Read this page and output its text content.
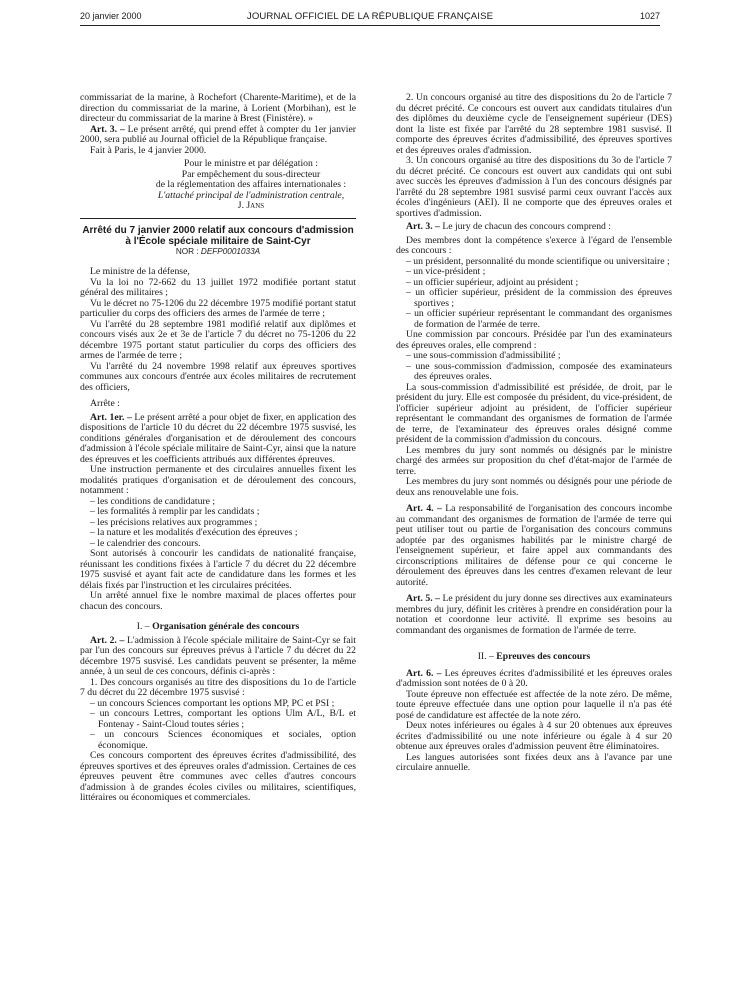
20 janvier 2000	JOURNAL OFFICIEL DE LA RÉPUBLIQUE FRANÇAISE	1027

commissariat de la marine, à Rochefort (Charente-Maritime), et de la direction du commissariat de la marine, à Lorient (Morbihan), est le directeur du commissariat de la marine à Brest (Finistère). »

Art. 3. – Le présent arrêté, qui prend effet à compter du 1er janvier 2000, sera publié au Journal officiel de la République française.

Fait à Paris, le 4 janvier 2000.

Pour le ministre et par délégation :

Par empêchement du sous-directeur

de la réglementation des affaires internationales :

L'attaché principal de l'administration centrale,

J. Jans

Arrêté du 7 janvier 2000 relatif aux concours d'admission

à l'École spéciale militaire de Saint-Cyr

NOR : DEFP0001033A

Le ministre de la défense,

Vu la loi no 72-662 du 13 juillet 1972 modifiée portant statut général des militaires ;

Vu le décret no 75-1206 du 22 décembre 1975 modifié portant statut particulier du corps des officiers des armes de l'armée de terre ;

Vu l'arrêté du 28 septembre 1981 modifié relatif aux diplômes et concours visés aux 2e et 3e de l'article 7 du décret no 75-1206 du 22 décembre 1975 portant statut particulier du corps des officiers des armes de l'armée de terre ;

Vu l'arrêté du 24 novembre 1998 relatif aux épreuves sportives communes aux concours d'entrée aux écoles militaires de recrutement des officiers,

Arrête :

Art. 1er. – Le présent arrêté a pour objet de fixer, en application des dispositions de l'article 10 du décret du 22 décembre 1975 susvisé, les conditions générales d'organisation et de déroulement des concours d'admission à l'école spéciale militaire de Saint-Cyr, ainsi que la nature des épreuves et les coefficients attribués aux différentes épreuves.

Une instruction permanente et des circulaires annuelles fixent les modalités pratiques d'organisation et de déroulement des concours, notamment :

– les conditions de candidature ;
– les formalités à remplir par les candidats ;
– les précisions relatives aux programmes ;
– la nature et les modalités d'exécution des épreuves ;
– le calendrier des concours.

Sont autorisés à concourir les candidats de nationalité française, réunissant les conditions fixées à l'article 7 du décret du 22 décembre 1975 susvisé et ayant fait acte de candidature dans les formes et les délais fixés par l'instruction et les circulaires précitées.

Un arrêté annuel fixe le nombre maximal de places offertes pour chacun des concours.

I. – Organisation générale des concours

Art. 2. – L'admission à l'école spéciale militaire de Saint-Cyr se fait par l'un des concours sur épreuves prévus à l'article 7 du décret du 22 décembre 1975 susvisé. Les candidats peuvent se présenter, la même année, à un seul de ces concours, définis ci-après :

1. Des concours organisés au titre des dispositions du 1o de l'article 7 du décret du 22 décembre 1975 susvisé :

– un concours Sciences comportant les options MP, PC et PSI ;
– un concours Lettres, comportant les options Ulm A/L, B/L et Fontenay - Saint-Cloud toutes séries ;
– un concours Sciences économiques et sociales, option économique.

Ces concours comportent des épreuves écrites d'admissibilité, des épreuves sportives et des épreuves orales d'admission. Certaines de ces épreuves peuvent être communes avec celles d'autres concours d'admission à de grandes écoles civiles ou militaires, scientifiques, littéraires ou économiques et commerciales.

2. Un concours organisé au titre des dispositions du 2o de l'article 7 du décret précité. Ce concours est ouvert aux candidats titulaires d'un des diplômes du deuxième cycle de l'enseignement supérieur (DES) dont la liste est fixée par l'arrêté du 28 septembre 1981 susvisé. Il comporte des épreuves écrites d'admissibilité, des épreuves sportives et des épreuves orales d'admission.

3. Un concours organisé au titre des dispositions du 3o de l'article 7 du décret précité. Ce concours est ouvert aux candidats qui ont subi avec succès les épreuves d'admission à l'un des concours désignés par l'arrêté du 28 septembre 1981 susvisé parmi ceux ouvrant l'accès aux écoles d'ingénieurs (AEI). Il ne comporte que des épreuves orales et sportives d'admission.

Art. 3. – Le jury de chacun des concours comprend :

Des membres dont la compétence s'exerce à l'égard de l'ensemble des concours :

– un président, personnalité du monde scientifique ou universitaire ;
– un vice-président ;
– un officier supérieur, adjoint au président ;
– un officier supérieur, président de la commission des épreuves sportives ;
– un officier supérieur représentant le commandant des organismes de formation de l'armée de terre.

Une commission par concours. Présidée par l'un des examinateurs des épreuves orales, elle comprend :

– une sous-commission d'admissibilité ;
– une sous-commission d'admission, composée des examinateurs des épreuves orales.

La sous-commission d'admissibilité est présidée, de droit, par le président du jury. Elle est composée du président, du vice-président, de l'officier supérieur adjoint au président, de l'officier supérieur représentant le commandant des organismes de formation de l'armée de terre, de l'examinateur des épreuves orales désigné comme président de la commission d'admission du concours.

Les membres du jury sont nommés ou désignés par le ministre chargé des armées sur proposition du chef d'état-major de l'armée de terre.

Les membres du jury sont nommés ou désignés pour une période de deux ans renouvelable une fois.

Art. 4. – La responsabilité de l'organisation des concours incombe au commandant des organismes de formation de l'armée de terre qui peut utiliser tout ou partie de l'organisation des concours communs adoptée par des organismes habilités par le ministre chargé de l'enseignement supérieur, et faire appel aux commandants des circonscriptions militaires de défense pour ce qui concerne le déroulement des épreuves dans les centres d'examen relevant de leur autorité.

Art. 5. – Le président du jury donne ses directives aux examinateurs membres du jury, définit les critères à prendre en considération pour la notation et coordonne leur activité. Il exprime ses besoins au commandant des organismes de formation de l'armée de terre.

II. – Epreuves des concours

Art. 6. – Les épreuves écrites d'admissibilité et les épreuves orales d'admission sont notées de 0 à 20.

Toute épreuve non effectuée est affectée de la note zéro. De même, toute épreuve effectuée dans une option pour laquelle il n'a pas été posé de candidature est affectée de la note zéro.

Deux notes inférieures ou égales à 4 sur 20 obtenues aux épreuves écrites d'admissibilité ou une note inférieure ou égale à 4 sur 20 obtenue aux épreuves orales d'admission peuvent être éliminatoires.

Les langues autorisées sont fixées deux ans à l'avance par une circulaire annuelle.
